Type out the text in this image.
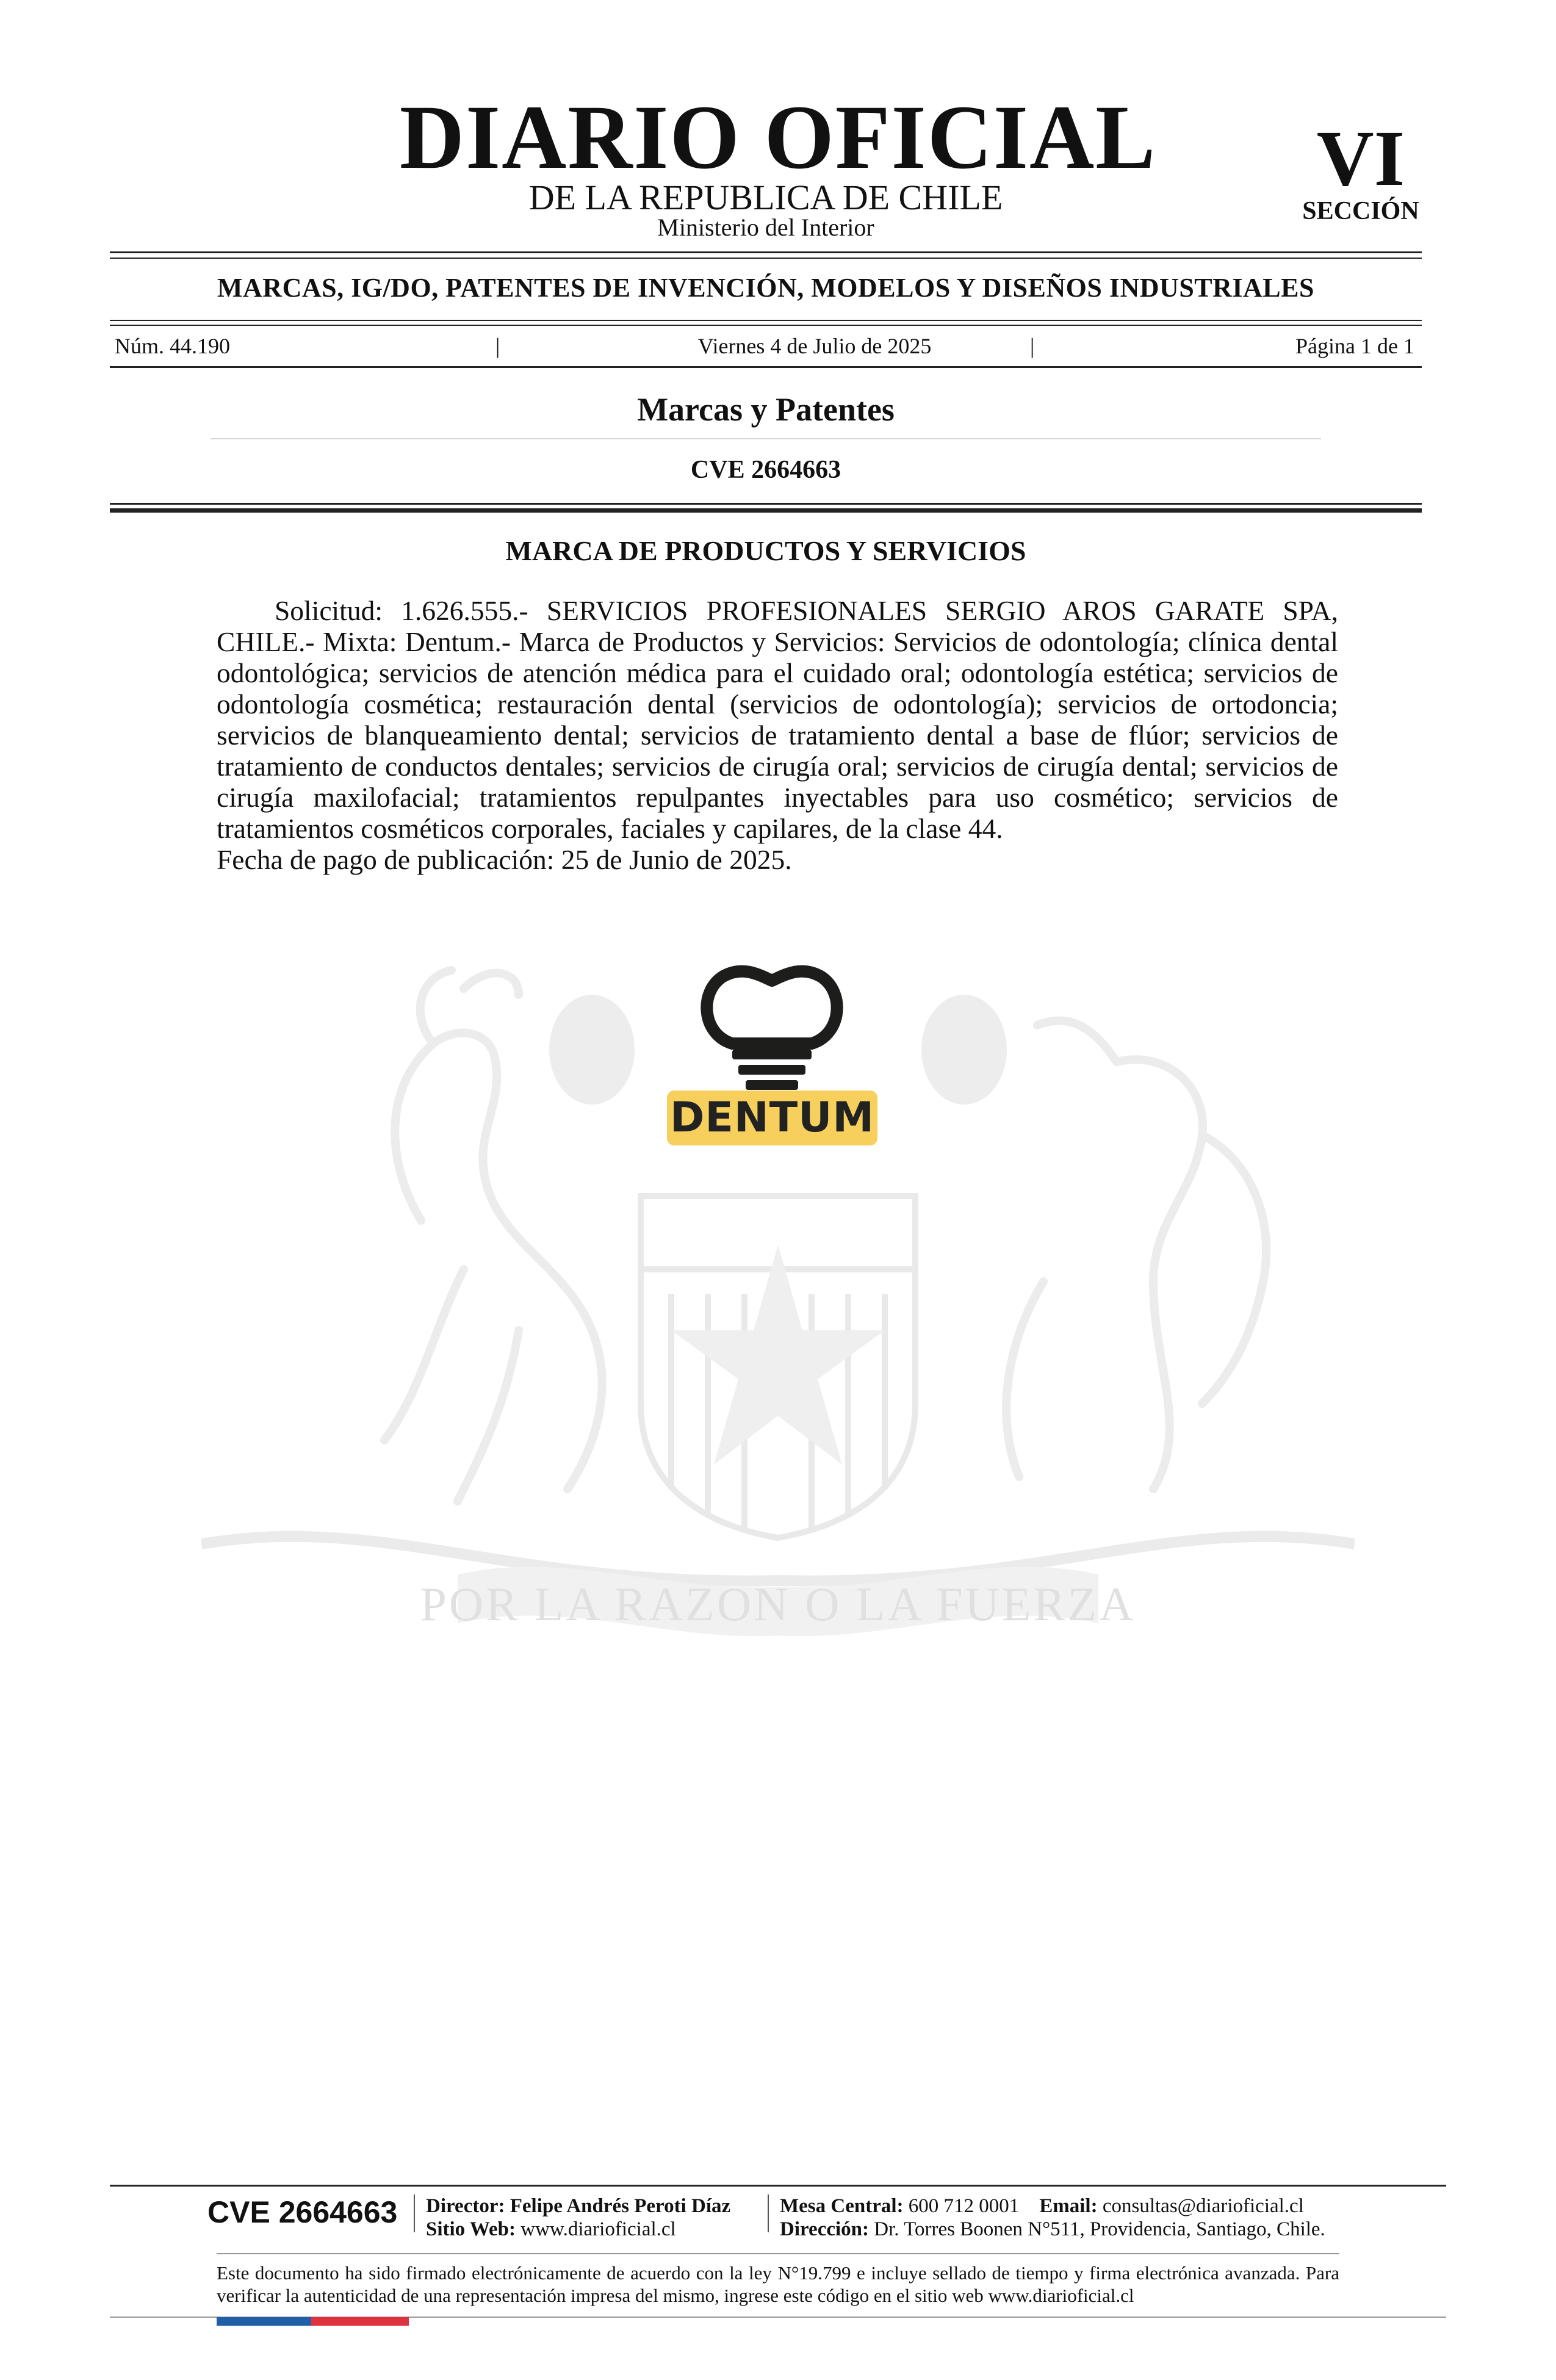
DIARIO OFICIAL
DE LA REPUBLICA DE CHILE
Ministerio del Interior
VI
SECCIÓN
MARCAS, IG/DO, PATENTES DE INVENCIÓN, MODELOS Y DISEÑOS INDUSTRIALES
Núm. 44.190	|	Viernes 4 de Julio de 2025	|	Página 1 de 1
Marcas y Patentes
CVE 2664663
POR LA RAZON O LA FUERZA
MARCA DE PRODUCTOS Y SERVICIOS

Solicitud: 1.626.555.- SERVICIOS PROFESIONALES SERGIO AROS GARATE SPA, CHILE.- Mixta: Dentum.- Marca de Productos y Servicios: Servicios de odontología; clínica dental odontológica; servicios de atención médica para el cuidado oral; odontología estética; servicios de odontología cosmética; restauración dental (servicios de odontología); servicios de ortodoncia; servicios de blanqueamiento dental; servicios de tratamiento dental a base de flúor; servicios de tratamiento de conductos dentales; servicios de cirugía oral; servicios de cirugía dental; servicios de cirugía maxilofacial; tratamientos repulpantes inyectables para uso cosmético; servicios de tratamientos cosméticos corporales, faciales y capilares, de la clase 44.

Fecha de pago de publicación: 25 de Junio de 2025.

DENTUM
CVE 2664663 Director: Felipe Andrés Peroti Díaz
Sitio Web: www.diarioficial.cl
Mesa Central: 600 712 0001 Email: consultas@diarioficial.cl
Dirección: Dr. Torres Boonen N°511, Providencia, Santiago, Chile.
Este documento ha sido firmado electrónicamente de acuerdo con la ley N°19.799 e incluye sellado de tiempo y firma electrónica avanzada. Para verificar la autenticidad de una representación impresa del mismo, ingrese este código en el sitio web www.diarioficial.cl
